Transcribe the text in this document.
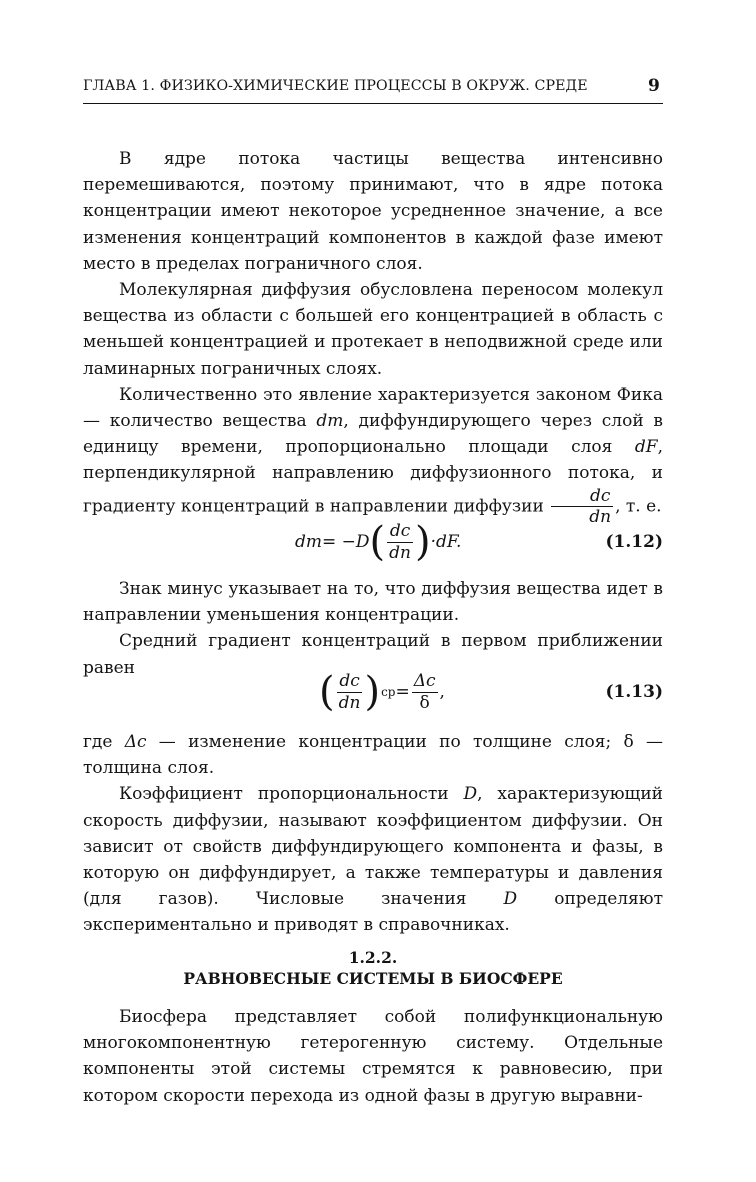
ГЛАВА 1. ФИЗИКО-ХИМИЧЕСКИЕ ПРОЦЕССЫ В ОКРУЖ. СРЕДЕ	9

В ядре потока частицы вещества интенсивно перемешиваются, поэтому принимают, что в ядре потока концентрации имеют некоторое усредненное значение, а все изменения концентраций компонентов в каждой фазе имеют место в пределах пограничного слоя.

Молекулярная диффузия обусловлена переносом молекул вещества из области с большей его концентрацией в область с меньшей концентрацией и протекает в неподвижной среде или ламинарных пограничных слоях.

Количественно это явление характеризуется законом Фика — количество вещества dm, диффундирующего через слой в единицу времени, пропорционально площади слоя dF, перпендикулярной направлению диффузионного потока, и градиенту концентраций в направлении диффузии $\frac{dc}{dn}$ , т. е.

dm = −D ( $\frac{dc}{dn}$ ) ·dF.	(1.12)

Знак минус указывает на то, что диффузия вещества идет в направлении уменьшения концентрации.

Средний градиент концентраций в первом приближении равен

( $\frac{dc}{dn}$ ) ср = $\frac{\Delta c}{\delta}$ ,	(1.13)

где Δc — изменение концентрации по толщине слоя; δ — толщина слоя.

Коэффициент пропорциональности D, характеризующий скорость диффузии, называют коэффициентом диффузии. Он зависит от свойств диффундирующего компонента и фазы, в которую он диффундирует, а также температуры и давления (для газов). Числовые значения D определяют экспериментально и приводят в справочниках.

1.2.2.
РАВНОВЕСНЫЕ СИСТЕМЫ В БИОСФЕРЕ

Биосфера представляет собой полифункциональную многокомпонентную гетерогенную систему. Отдельные компоненты этой системы стремятся к равновесию, при котором скорости перехода из одной фазы в другую выравни-
